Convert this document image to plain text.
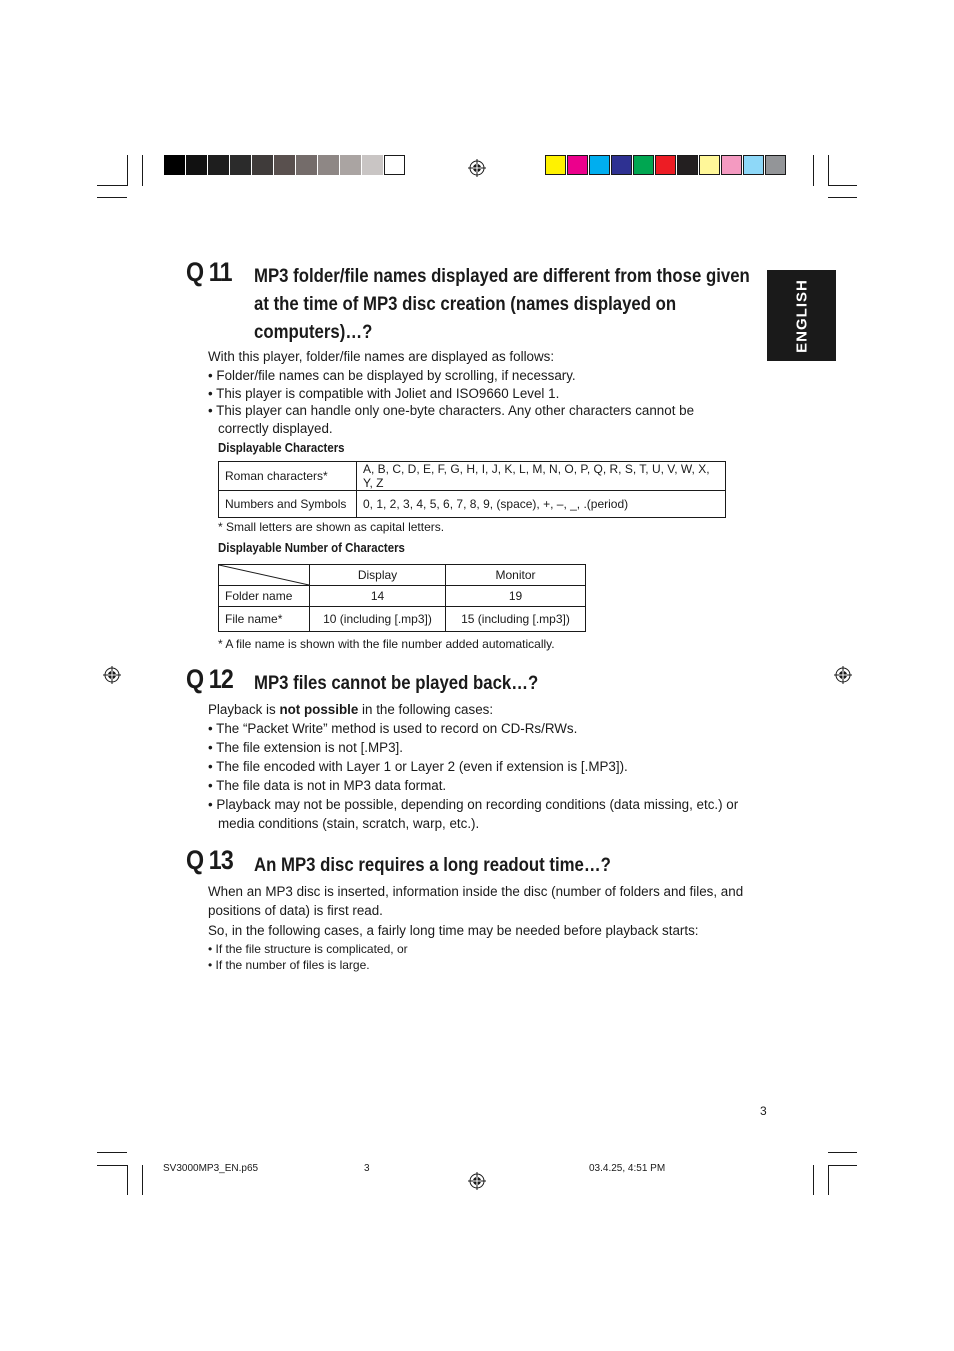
ENGLISH
Q 11 MP3 folder/file names displayed are different from those given at the time of MP3 disc creation (names displayed on computers)…?
With this player, folder/file names are displayed as follows:
• Folder/file names can be displayed by scrolling, if necessary.
• This player is compatible with Joliet and ISO9660 Level 1.
• This player can handle only one-byte characters. Any other characters cannot be correctly displayed.
Displayable Characters
Roman characters*	A, B, C, D, E, F, G, H, I, J, K, L, M, N, O, P, Q, R, S, T, U, V, W, X, Y, Z
Numbers and Symbols	0, 1, 2, 3, 4, 5, 6, 7, 8, 9, (space), +, –, _, .(period)
* Small letters are shown as capital letters.
Displayable Number of Characters
	Display	Monitor
Folder name	14	19
File name*	10 (including [.mp3])	15 (including [.mp3])
* A file name is shown with the file number added automatically.
Q 12 MP3 files cannot be played back…?
Playback is not possible in the following cases:
• The “Packet Write” method is used to record on CD-Rs/RWs.
• The file extension is not [.MP3].
• The file encoded with Layer 1 or Layer 2 (even if extension is [.MP3]).
• The file data is not in MP3 data format.
• Playback may not be possible, depending on recording conditions (data missing, etc.) or media conditions (stain, scratch, warp, etc.).
Q 13 An MP3 disc requires a long readout time…?
When an MP3 disc is inserted, information inside the disc (number of folders and files, and positions of data) is first read.
So, in the following cases, a fairly long time may be needed before playback starts:
• If the file structure is complicated, or
• If the number of files is large.
3
SV3000MP3_EN.p65	3	03.4.25, 4:51 PM
